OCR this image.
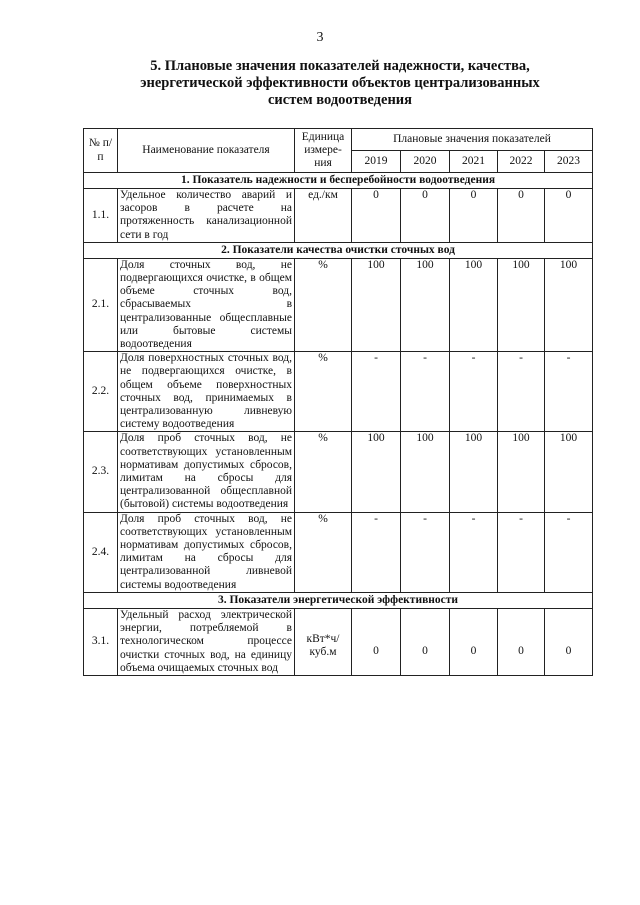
3
5. Плановые значения показателей надежности, качества,
энергетической эффективности объектов централизованных
систем водоотведения
№ п/п	Наименование показателя	Единица измере-ния	Плановые значения показателей				
			2019	2020	2021	2022	2023
1. Показатель надежности и бесперебойности водоотведения							
1.1.	Удельное количество аварий и засоров в расчете на протяженность канализационной сети в год	ед./км	0	0	0	0	0
2. Показатели качества очистки сточных вод							
2.1.	Доля сточных вод, не подвергающихся очистке, в общем объеме сточных вод, сбрасываемых в централизованные общесплавные или бытовые системы водоотведения	%	100	100	100	100	100
2.2.	Доля поверхностных сточных вод, не подвергающихся очистке, в общем объеме поверхностных сточных вод, принимаемых в централизованную ливневую систему водоотведения	%	-	-	-	-	-
2.3.	Доля проб сточных вод, не соответствующих установленным нормативам допустимых сбросов, лимитам на сбросы для централизованной общесплавной (бытовой) системы водоотведения	%	100	100	100	100	100
2.4.	Доля проб сточных вод, не соответствующих установленным нормативам допустимых сбросов, лимитам на сбросы для централизованной ливневой системы водоотведения	%	-	-	-	-	-
3. Показатели энергетической эффективности							
3.1.	Удельный расход электрической энергии, потребляемой в технологическом процессе очистки сточных вод, на единицу объема очищаемых сточных вод	кВт*ч/ куб.м	0	0	0	0	0
